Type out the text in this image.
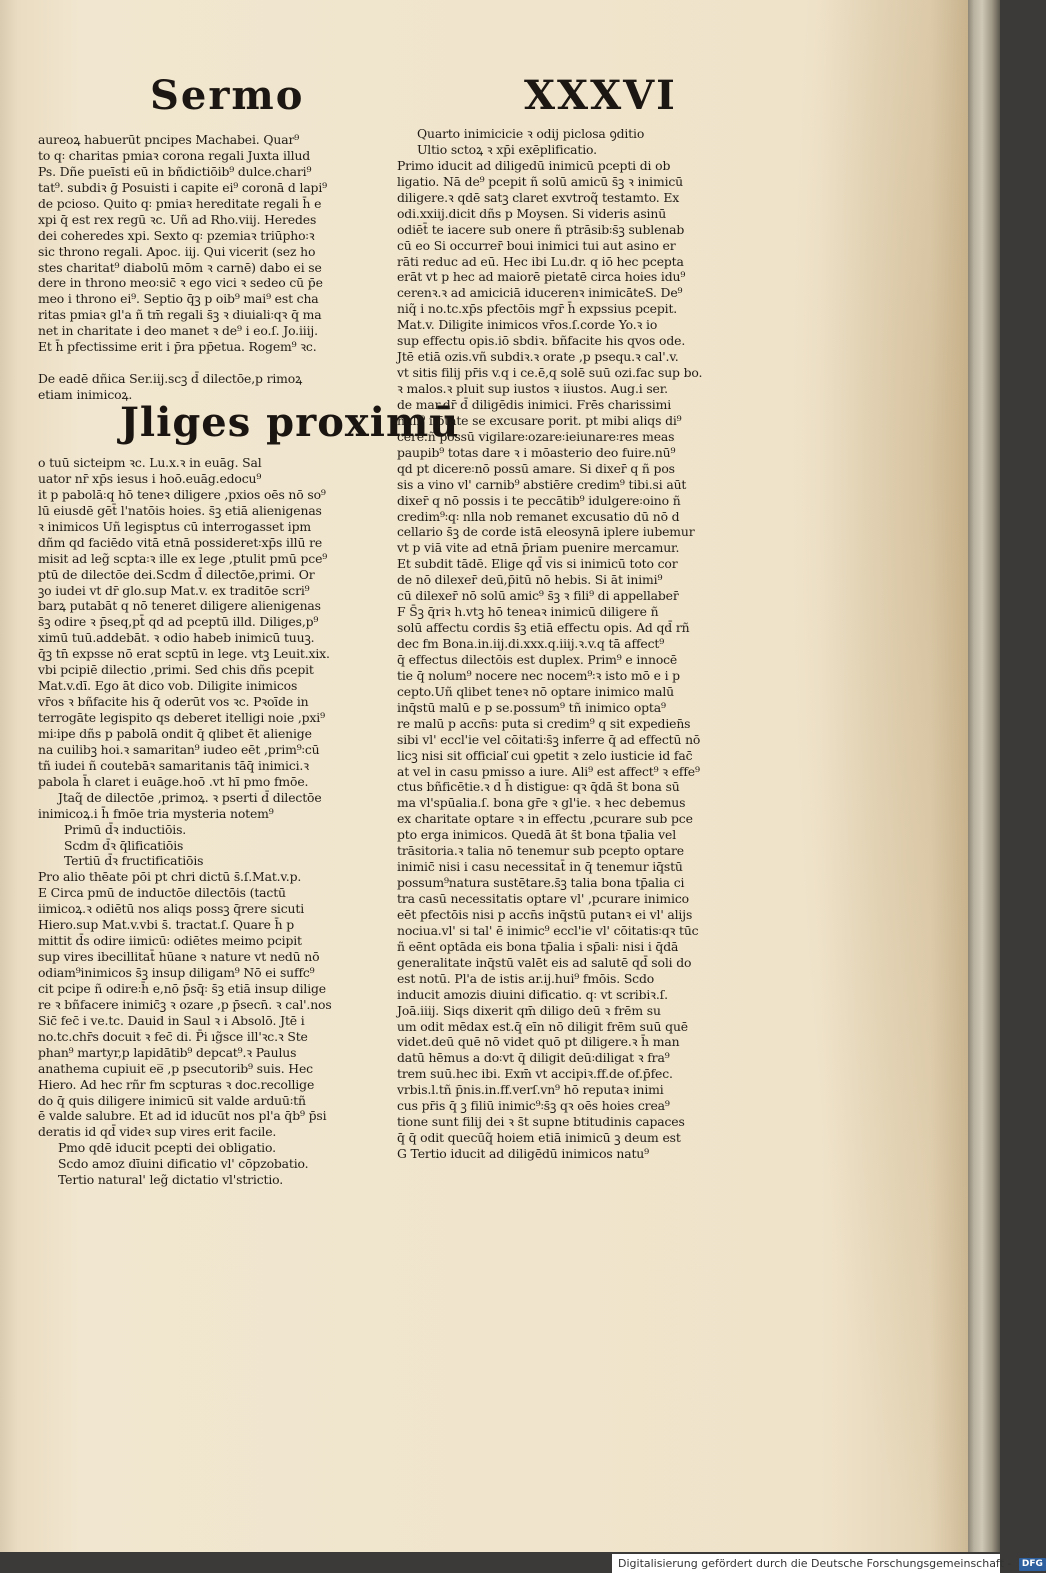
Sermo	XXXVI
aureoꝝ habuerūt pncipes Machabei. Quar⁹
to q꞉ charitas pmiaꝛ corona regali Juxta illud
Ps. Dñe pueīsti eū in bñdictiōib⁹ dulce.chari⁹
tat⁹. subdiꝛ ḡ Posuisti i capite ei⁹ coronā d lapi⁹
de pcioso. Quito q꞉ pmiaꝛ hereditate regali h̄ e
xpi q̄ est rex regū ꝛc. Uñ ad Rho.viij. Heredes
dei coheredes xpi. Sexto q꞉ pzemiaꝛ triūpho꞉ꝛ
sic throno regali. Apoc. iij. Qui vicerit (sez ho
stes charitat⁹ diabolū mōm ꝛ carnē) dabo ei se
dere in throno meo꞉sic̄ ꝛ ego vici ꝛ sedeo cū p̄e
meo i throno ei⁹. Septio q̄ꝫ p oib⁹ mai⁹ est cha
ritas pmiaꝛ gl'a ñ tm̄ regali s̄ꝫ ꝛ diuiali꞉qꝛ q̄ ma
net in charitate i deo manet ꝛ de⁹ i eo.ſ. Jo.iiij.
Et h̄ pfectissime erit i p̄ra pp̄etua. Rogem⁹ ꝛc.
De eadē dñica Ser.iij.scꝫ d̄ dilectōe,p rimoꝝ
etiam inimicoꝝ.
Jliges proximū
o tuū sicteipm ꝛc. Lu.x.ꝛ in euāg. Sal
uator nr̄ xp̄s iesus i hoō.euāg.edocu⁹
it p pabolā꞉q hō teneꝛ diligere ,pxios oēs nō so⁹
lū eiusdē gēt̄ l'natōis hoies. s̄ꝫ etiā alienigenas
ꝛ inimicos Uñ legisptus cū interrogasset ipm
dñm qd faciēdo vitā etnā possideret꞉xp̄s illū re
misit ad leg̃ scpta꞉ꝛ ille ex lege ,ptulit pmū pce⁹
ptū de dilectōe dei.Scdm d̄ dilectōe,primi. Or
ꝫo iudei vt dr̄ glo.sup Mat.v. ex traditōe scri⁹
barꝝ putabāt q nō teneret diligere alienigenas
s̄ꝫ odire ꝛ p̄seq,pt̄ qd ad pceptū illd. Diliges,p⁹
ximū tuū.addebāt. ꝛ odio habeb inimicū tuuꝫ.
q̄ꝫ tn̄ expsse nō erat scptū in lege. vtꝫ Leuit.xix.
vbi pcipiē dilectio ,primi. Sed chis dñs pcepit
Mat.v.dī. Ego āt dico vob. Diligite inimicos
vr̄os ꝛ bñfacite his q̄ oderūt vos ꝛc. Pꝛoīde in
terrogāte legispito qs deberet itelligi noie ,pxi⁹
mi꞉ipe dñs p pabolā ondit q̄ qlibet ēt alienige
na cuilibꝫ hoi.ꝛ samaritan⁹ iudeo eēt ,prim⁹꞉cū
tñ iudei ñ coutebāꝛ samaritanis tāq̄ inimici.ꝛ
pabola h̄ claret i euāge.hoō .vt hī pmo fmōe.
Jtaq̃ de dilectōe ,primoꝝ. ꝛ pserti d̄ dilectōe
inimicoꝝ.i h̄ fmōe tria mysteria notem⁹
Primū d̄ꝛ inductiōis.
Scdm d̄ꝛ q̄lificatiōis
Tertiū d̄ꝛ fructificatiōis
Pro alio thēate pōi pt chri dictū s̄.ſ.Mat.v.p.
E Circa pmū de inductōe dilectōis (tactū
iimicoꝝ.ꝛ odiētū nos aliqs possꝫ q̄rere sicuti
Hiero.sup Mat.v.vbi s̄. tractat.ſ. Quare h̄ p
mittit d̄s odire iimicū꞉ odiētes meimo pcipit
sup vires ibecillitat̄ hūane ꝛ nature vt nedū nō
odiam⁹inimicos s̄ꝫ insup diligam⁹ Nō ei suffc⁹
cit pcipe ñ odire꞉h̄ e,nō p̄sq̄꞉ s̄ꝫ etiā insup dilige
re ꝛ bñfacere inimic̄ꝫ ꝛ ozare ,p p̄secn̄. ꝛ cal'.nos
Sic̄ fec̄ i ve.tc. Dauid in Saul ꝛ i Absolō. Jtē i
no.tc.chr̄s docuit ꝛ fec̄ di. P̄i ıg̃sce ill'ꝛc.ꝛ Ste
phan⁹ martyr,p lapidātib⁹ depcat⁹.ꝛ Paulus
anathema cupiuit ee̅ ,p psecutorib⁹ suis. Hec
Hiero. Ad hec rñr fm scpturas ꝛ doc.recollige
do q̄ quis diligere inimicū sit valde arduū꞉tñ
ē valde salubre. Et ad id iducūt nos pl'a q̄b⁹ p̄si
deratis id qd̄ videꝛ sup vires erit facile.
Pmo qdē iducit pcepti dei obligatio.
Scdo amoz dīuini dificatio vl' cōpzobatio.
Tertio natural' leg̃ dictatio vl'strictio.
Quarto inimicicie ꝛ odij piclosa ꝯditio
Ultio sctoꝝ ꝛ xp̄i exēplificatio.
Primo iducit ad diligedū inimicū pcepti di ob
ligatio. Nā de⁹ pcepit ñ solū amicū s̄ꝫ ꝛ inimicū
diligere.ꝛ qdē satꝫ claret exvtroq̃ testamto. Ex
odi.xxiij.dicit dñs p Moysen. Si videris asinū
odiēt̄ te iacere sub onere ñ ptrāsib꞉s̄ꝫ sublenab
cū eo Si occurrer̄ boui inimici tui aut asino er
rāti reduc ad eū. Hec ibi Lu.dr. q iō hec pcepta
erāt vt p hec ad maiorē pietatē circa hoies idu⁹
cerenꝛ.ꝛ ad amiciciā iducerenꝛ inimicāteS. De⁹
niq̃ i no.tc.xp̄s pfectōis mgr̄ h̄ expssius pcepit.
Mat.v. Diligite inimicos vr̄os.ſ.corde Yo.ꝛ io
sup effectu opis.iō sbdiꝛ. bñfacite his qvos ode.
Jtē etiā ozis.vñ subdiꝛ.ꝛ orate ,p psequ.ꝛ cal'.v.
vt sitis filij pr̄is v.q i ce.ē,q solē suū ozi.fac sup bo.
ꝛ malos.ꝛ pluit sup iustos ꝛ iiustos. Aug.i ser.
de mar.dr̄ d̄ diligēdis inimici. Frēs charissimi
null⁹ i p̄tate se excusare porit. pt mibi aliqs di⁹
cere.ñ possū vigilare꞉ozare꞉ieiunare꞉res meas
paupib⁹ totas dare ꝛ i mōasterio deo fuire.nū⁹
qd pt dicere꞉nō possū amare. Si dixer̄ q ñ pos
sis a vino vl' carnib⁹ abstiēre credim⁹ tibi.si aūt
dixer̄ q nō possis i te peccātib⁹ idulgere꞉oino ñ
credim⁹꞉q꞉ nlla nob remanet excusatio dū nō d
cellario s̄ꝫ de corde istā eleosynā iplere iubemur
vt p viā vite ad etnā p̄riam puenire mercamur.
Et subdit tādē. Elige qd̄ vis si inimicū toto cor
de nō dilexer̄ deū,p̄itū nō hebis. Si āt inimi⁹
cū dilexer̄ nō solū amic⁹ s̄ꝫ ꝛ fili⁹ di appellaber̄
F S̄ꝫ q̄riꝛ h.vtꝫ hō teneaꝛ inimicū diligere ñ
solū affectu cordis s̄ꝫ etiā effectu opis. Ad qd̄ rñ
dec fm Bona.in.iij.di.xxx.q.iiij.ꝛ.v.q tā affect⁹
q̄ effectus dilectōis est duplex. Prim⁹ e innocē
tie q̄ nolum⁹ nocere nec nocem⁹꞉ꝛ isto mō e i p
cepto.Uñ qlibet teneꝛ nō optare inimico malū
inq̄stū malū e p se.possum⁹ tñ inimico opta⁹
re malū p accn̄s꞉ puta si credim⁹ q sit expedien̄s
sibi vl' eccl'ie vel cōitati꞉s̄ꝫ inferre q̄ ad effectū nō
licꝫ nisi sit officiaľ cui ꝯpetit ꝛ zelo iusticie id fac̄
at vel in casu pmisso a iure. Ali⁹ est affect⁹ ꝛ effe⁹
ctus bñficētie.ꝛ d h̄ distigue꞉ qꝛ q̄dā s̄t bona sū
ma vl'spūalia.ſ. bona gr̄e ꝛ gl'ie. ꝛ hec debemus
ex charitate optare ꝛ in effectu ,pcurare sub pce
pto erga inimicos. Quedā āt s̄t bona tp̄alia vel
trāsitoria.ꝛ talia nō tenemur sub pcepto optare
inimic̄ nisi i casu necessitat̄ in q̄ tenemur iq̄stū
possum⁹natura sustētare.s̄ꝫ talia bona tp̄alia ci
tra casū necessitatis optare vl' ,pcurare inimico
eēt pfectōis nisi p accn̄s inq̄stū putanꝛ ei vl' alijs
nociua.vl' si tal' ē inimic⁹ eccl'ie vl' cōitatis꞉qꝛ tūc
ñ eēnt optāda eis bona tp̄alia i sp̄ali꞉ nisi i q̄dā
generalitate inq̄stū valēt eis ad salutē qd̄ soli do
est notū. Pl'a de istis ar.ij.hui⁹ fmōis. Scdo
inducit amozis diuini dificatio. q꞉ vt scribiꝛ.ſ.
Joā.iiij. Siqs dixerit qm̄ diligo deū ꝛ frēm su
um odit mēdax est.q̄ eīn nō diligit frēm suū quē
videt.deū quē nō videt quō pt diligere.ꝛ h̄ man
datū hēmus a do꞉vt q̄ diligit deū꞉diligat ꝛ fra⁹
trem suū.hec ibi. Exm̄ vt accipiꝛ.ff.de of.p̄fec.
vrbis.l.tñ p̄nis.in.ff.verſ.vn⁹ hō reputaꝛ inimi
cus pr̄is q̄ ꝫ filiū inimic⁹꞉s̄ꝫ qꝛ oēs hoies crea⁹
tione sunt filij dei ꝛ s̄t supne btitudinis capaces
q̄ q̄ odit quecūq̃ hoiem etiā inimicū ꝫ deum est
G Tertio iducit ad diligēdū inimicos natu⁹
Digitalisierung gefördert durch die Deutsche Forschungsgemeinschaft - DFG
